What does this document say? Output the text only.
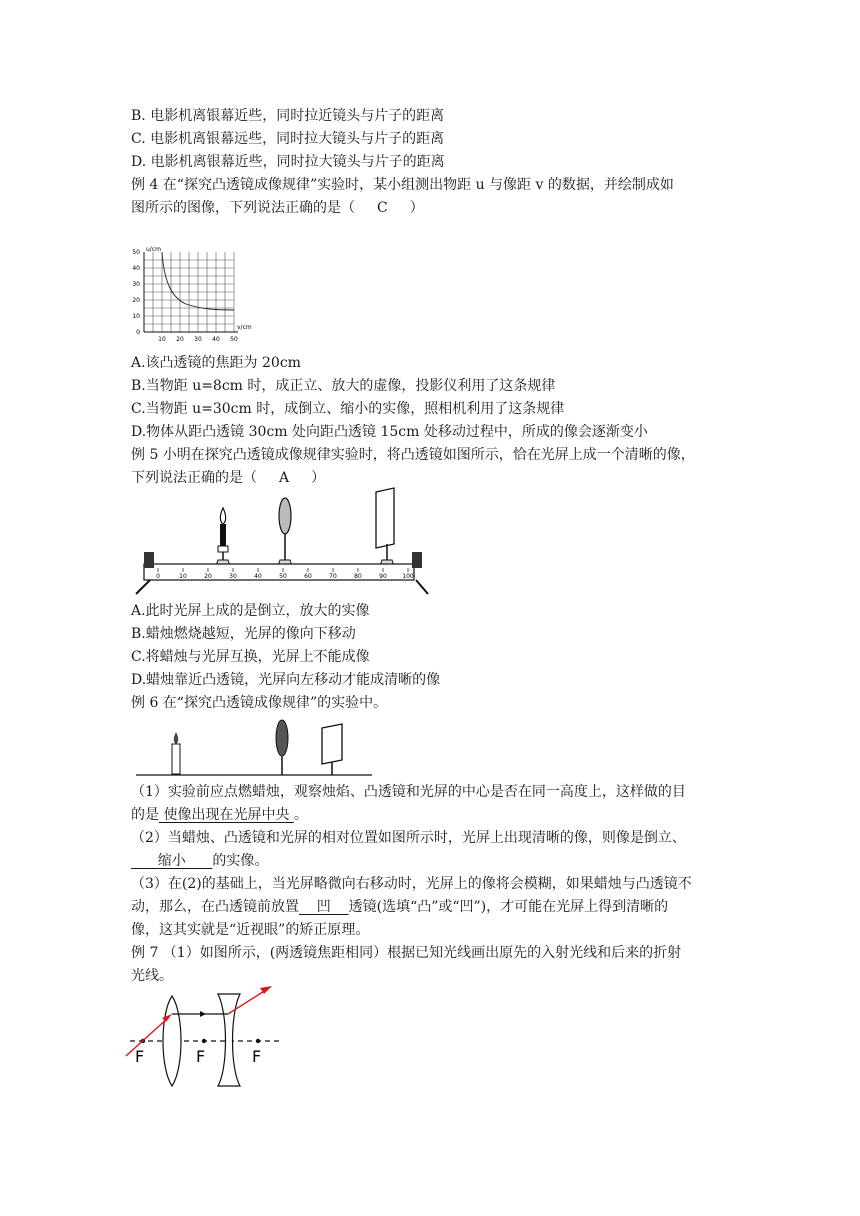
B. 电影机离银幕近些，同时拉近镜头与片子的距离
C. 电影机离银幕远些，同时拉大镜头与片子的距离
D. 电影机离银幕近些，同时拉大镜头与片子的距离
例 4 在“探究凸透镜成像规律”实验时，某小组测出物距 u 与像距 v 的数据，并绘制成如
图所示的图像，下列说法正确的是（ C ）
u/cm
v/cm
50
40
30
20
10
0
10 20 30 40 50
A.该凸透镜的焦距为 20cm
B.当物距 u=8cm 时，成正立、放大的虚像，投影仪利用了这条规律
C.当物距 u=30cm 时，成倒立、缩小的实像，照相机利用了这条规律
D.物体从距凸透镜 30cm 处向距凸透镜 15cm 处移动过程中，所成的像会逐渐变小
例 5 小明在探究凸透镜成像规律实验时，将凸透镜如图所示，恰在光屏上成一个清晰的像，
下列说法正确的是（ A ）
0	10	20	30	40	50	60	70	80	90	100
A.此时光屏上成的是倒立，放大的实像
B.蜡烛燃烧越短，光屏的像向下移动
C.将蜡烛与光屏互换，光屏上不能成像
D.蜡烛靠近凸透镜，光屏向左移动才能成清晰的像
例 6 在“探究凸透镜成像规律”的实验中。
（1）实验前应点燃蜡烛，观察烛焰、凸透镜和光屏的中心是否在同一高度上，这样做的目
的是 使像出现在光屏中央 。
（2）当蜡烛、凸透镜和光屏的相对位置如图所示时，光屏上出现清晰的像，则像是倒立、
缩小      的实像。
（3）在(2)的基础上，当光屏略微向右移动时，光屏上的像将会模糊，如果蜡烛与凸透镜不
动，那么，在凸透镜前放置    凹    透镜(选填“凸”或“凹”)，才可能在光屏上得到清晰的
像，这其实就是“近视眼”的矫正原理。
例 7 （1）如图所示，(两透镜焦距相同）根据已知光线画出原先的入射光线和后来的折射
光线。
F	F	F
